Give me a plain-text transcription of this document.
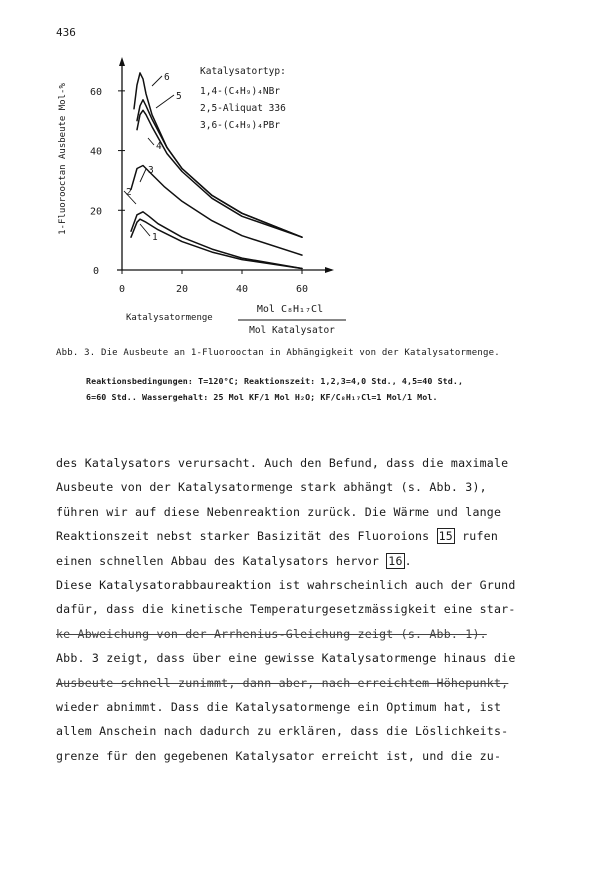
436
0
0
20
20
40
40
60
60
1-Fluorooctan Ausbeute Mol-%
Katalysatormenge
Mol C₈H₁₇Cl
Mol Katalysator
Katalysatortyp:
1,4-(C₄H₉)₄NBr
2,5-Aliquat 336
3,6-(C₄H₉)₄PBr
1
2
3
4
5
6
Abb. 3. Die Ausbeute an 1-Fluorooctan in Abhängigkeit von der Katalysatormenge.
Reaktionsbedingungen: T=120°C; Reaktionszeit: 1,2,3=4,0 Std., 4,5=40 Std.,
6=60 Std.. Wassergehalt: 25 Mol KF/1 Mol H₂O; KF/C₈H₁₇Cl=1 Mol/1 Mol.
des Katalysators verursacht. Auch den Befund, dass die maximale
Ausbeute von der Katalysatormenge stark abhängt (s. Abb. 3),
führen wir auf diese Nebenreaktion zurück. Die Wärme und lange
Reaktionszeit nebst starker Basizität des Fluoroions 15 rufen
einen schnellen Abbau des Katalysators hervor 16 .
Diese Katalysatorabbaureaktion ist wahrscheinlich auch der Grund
dafür, dass die kinetische Temperaturgesetzmässigkeit eine star-
ke Abweichung von der Arrhenius-Gleichung zeigt (s. Abb. 1).
Abb. 3 zeigt, dass über eine gewisse Katalysatormenge hinaus die
Ausbeute schnell zunimmt, dann aber, nach erreichtem Höhepunkt,
wieder abnimmt. Dass die Katalysatormenge ein Optimum hat, ist
allem Anschein nach dadurch zu erklären, dass die Löslichkeits-
grenze für den gegebenen Katalysator erreicht ist, und die zu-
